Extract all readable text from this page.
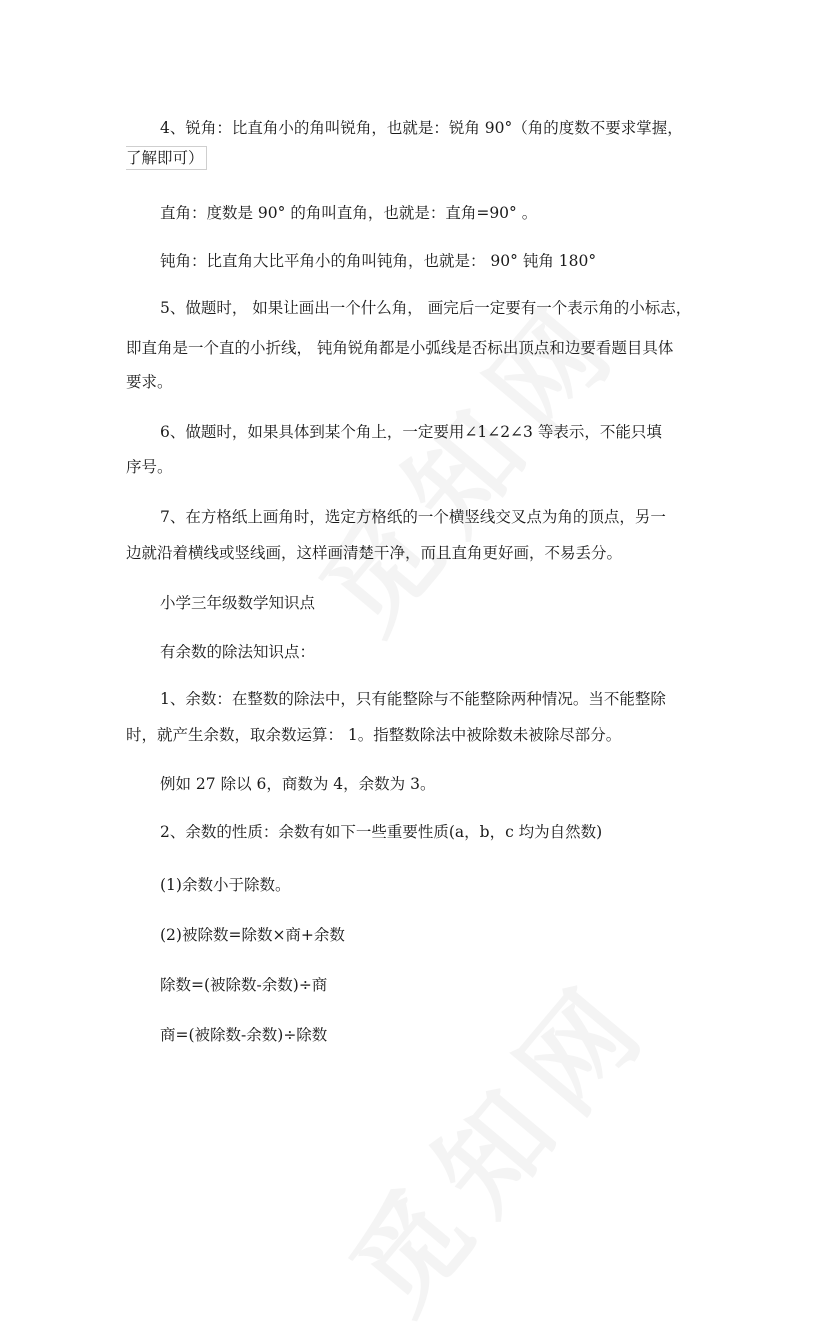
4、锐角：比直角小的角叫锐角，也就是：锐角 90°（角的度数不要求掌握，

了解即可）

直角：度数是 90° 的角叫直角，也就是：直角=90° 。

钝角：比直角大比平角小的角叫钝角，也就是： 90° 钝角 180°

5、做题时， 如果让画出一个什么角， 画完后一定要有一个表示角的小标志，

即直角是一个直的小折线， 钝角锐角都是小弧线是否标出顶点和边要看题目具体

要求。

6、做题时，如果具体到某个角上，一定要用∠1∠2∠3 等表示，不能只填

序号。

7、在方格纸上画角时，选定方格纸的一个横竖线交叉点为角的顶点，另一

边就沿着横线或竖线画，这样画清楚干净，而且直角更好画，不易丢分。

小学三年级数学知识点

有余数的除法知识点：

1、余数：在整数的除法中，只有能整除与不能整除两种情况。当不能整除

时，就产生余数，取余数运算： 1。指整数除法中被除数未被除尽部分。

例如 27 除以 6，商数为 4，余数为 3。

2、余数的性质：余数有如下一些重要性质(a，b，c 均为自然数)

(1)余数小于除数。

(2)被除数=除数×商+余数

除数=(被除数-余数)÷商

商=(被除数-余数)÷除数
